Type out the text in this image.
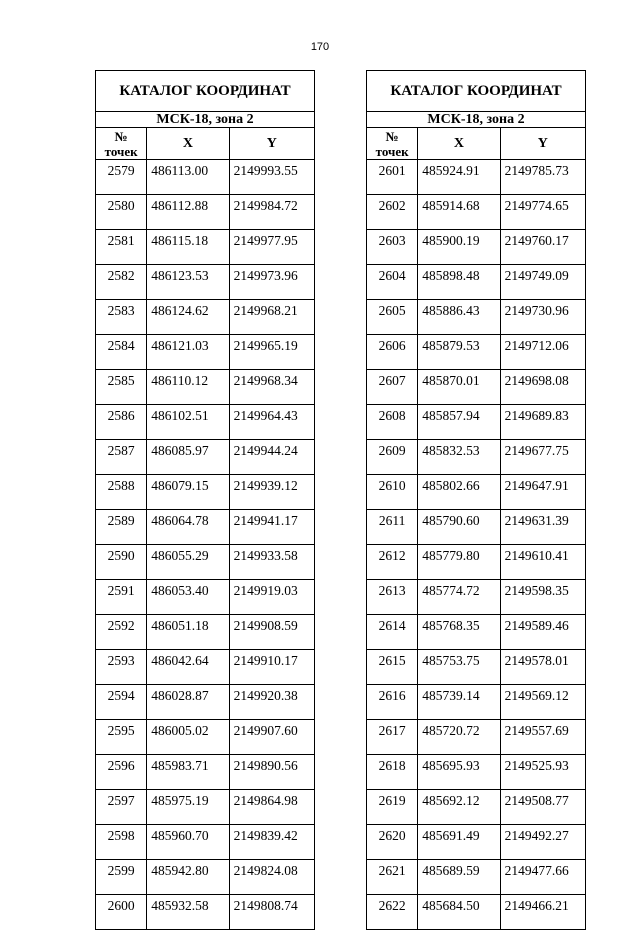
170
КАТАЛОГ КООРДИНАТ		
МСК-18, зона 2		
№
точек	X	Y
2579	486113.00	2149993.55
2580	486112.88	2149984.72
2581	486115.18	2149977.95
2582	486123.53	2149973.96
2583	486124.62	2149968.21
2584	486121.03	2149965.19
2585	486110.12	2149968.34
2586	486102.51	2149964.43
2587	486085.97	2149944.24
2588	486079.15	2149939.12
2589	486064.78	2149941.17
2590	486055.29	2149933.58
2591	486053.40	2149919.03
2592	486051.18	2149908.59
2593	486042.64	2149910.17
2594	486028.87	2149920.38
2595	486005.02	2149907.60
2596	485983.71	2149890.56
2597	485975.19	2149864.98
2598	485960.70	2149839.42
2599	485942.80	2149824.08
2600	485932.58	2149808.74
КАТАЛОГ КООРДИНАТ		
МСК-18, зона 2		
№
точек	X	Y
2601	485924.91	2149785.73
2602	485914.68	2149774.65
2603	485900.19	2149760.17
2604	485898.48	2149749.09
2605	485886.43	2149730.96
2606	485879.53	2149712.06
2607	485870.01	2149698.08
2608	485857.94	2149689.83
2609	485832.53	2149677.75
2610	485802.66	2149647.91
2611	485790.60	2149631.39
2612	485779.80	2149610.41
2613	485774.72	2149598.35
2614	485768.35	2149589.46
2615	485753.75	2149578.01
2616	485739.14	2149569.12
2617	485720.72	2149557.69
2618	485695.93	2149525.93
2619	485692.12	2149508.77
2620	485691.49	2149492.27
2621	485689.59	2149477.66
2622	485684.50	2149466.21
